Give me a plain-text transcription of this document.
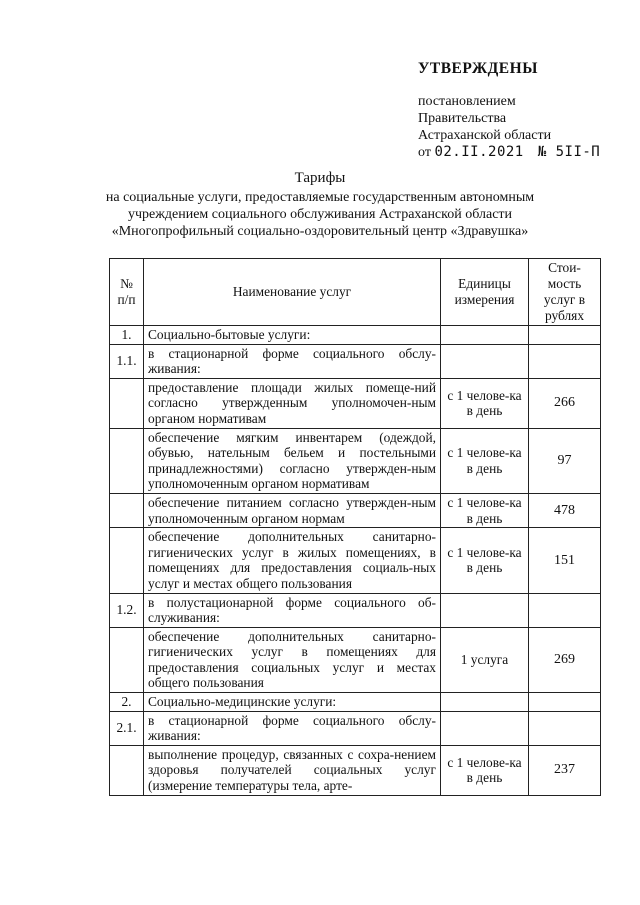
УТВЕРЖДЕНЫ
постановлением
Правительства
Астраханской области
от 02.II.2021 № 5II-П
Тарифы
на социальные услуги, предоставляемые государственным автономным
учреждением социального обслуживания Астраханской области
«Многопрофильный социально-оздоровительный центр «Здравушка»
№ п/п	Наименование услуг	Единицы измерения	Стои-мость услуг в рублях
1.	Социально-бытовые услуги:		
1.1.	в стационарной форме социального обслу-живания:		
	предоставление площади жилых помеще-ний согласно утвержденным уполномочен-ным органом нормативам	с 1 челове-ка в день	266
	обеспечение мягким инвентарем (одеждой, обувью, нательным бельем и постельными принадлежностями) согласно утвержден-ным уполномоченным органом нормативам	с 1 челове-ка в день	97
	обеспечение питанием согласно утвержден-ным уполномоченным органом нормам	с 1 челове-ка в день	478
	обеспечение дополнительных санитарно-гигиенических услуг в жилых помещениях, в помещениях для предоставления социаль-ных услуг и местах общего пользования	с 1 челове-ка в день	151
1.2.	в полустационарной форме социального об-служивания:		
	обеспечение дополнительных санитарно-гигиенических услуг в помещениях для предоставления социальных услуг и местах общего пользования	1 услуга	269
2.	Социально-медицинские услуги:		
2.1.	в стационарной форме социального обслу-живания:		
	выполнение процедур, связанных с сохра-нением здоровья получателей социальных услуг (измерение температуры тела, арте-	с 1 челове-ка в день	237
